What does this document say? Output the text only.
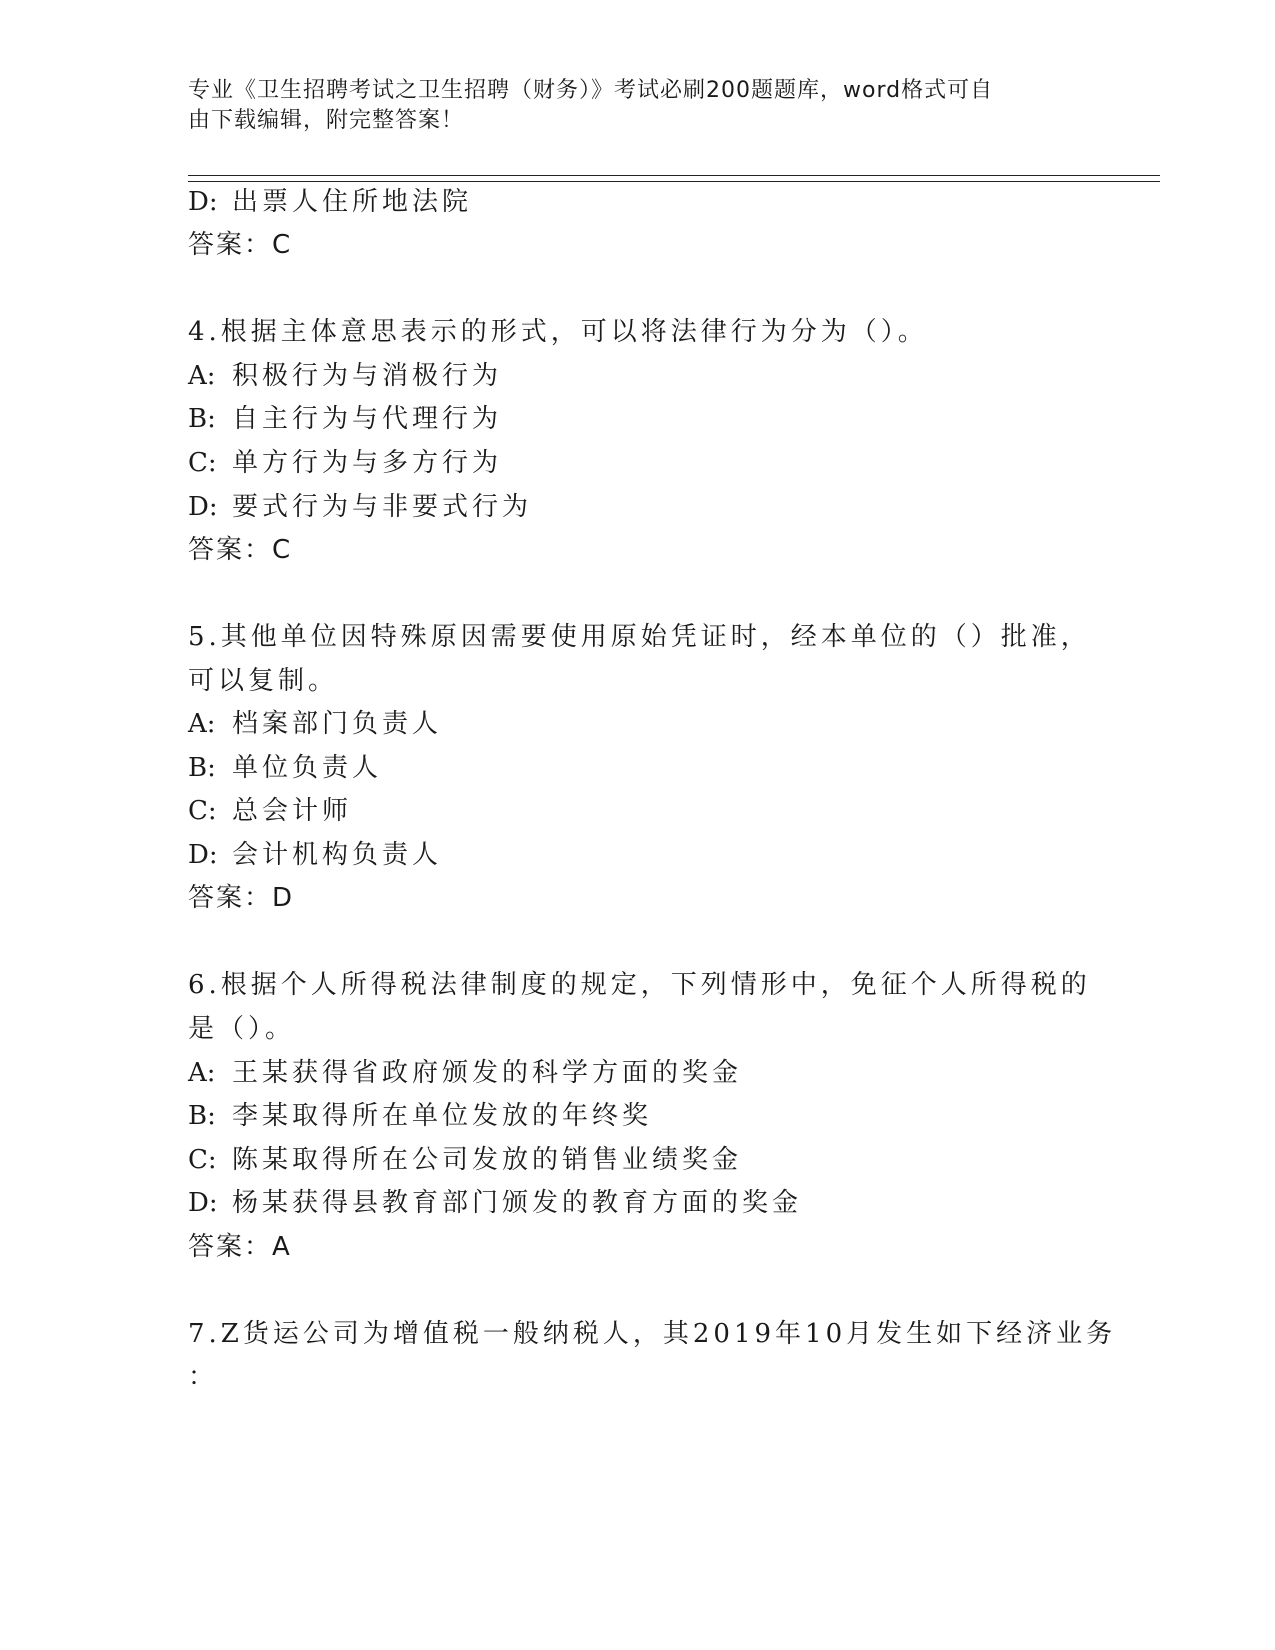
专业《卫生招聘考试之卫生招聘（财务）》考试必刷200题题库，word格式可自
由下载编辑，附完整答案！
D: 出票人住所地法院
答案：C
4.根据主体意思表示的形式，可以将法律行为分为（）。
A: 积极行为与消极行为
B: 自主行为与代理行为
C: 单方行为与多方行为
D: 要式行为与非要式行为
答案：C
5.其他单位因特殊原因需要使用原始凭证时，经本单位的（）批准，
可以复制。
A: 档案部门负责人
B: 单位负责人
C: 总会计师
D: 会计机构负责人
答案：D
6.根据个人所得税法律制度的规定，下列情形中，免征个人所得税的
是（）。
A: 王某获得省政府颁发的科学方面的奖金
B: 李某取得所在单位发放的年终奖
C: 陈某取得所在公司发放的销售业绩奖金
D: 杨某获得县教育部门颁发的教育方面的奖金
答案：A
7.Z货运公司为增值税一般纳税人，其2019年10月发生如下经济业务
：
